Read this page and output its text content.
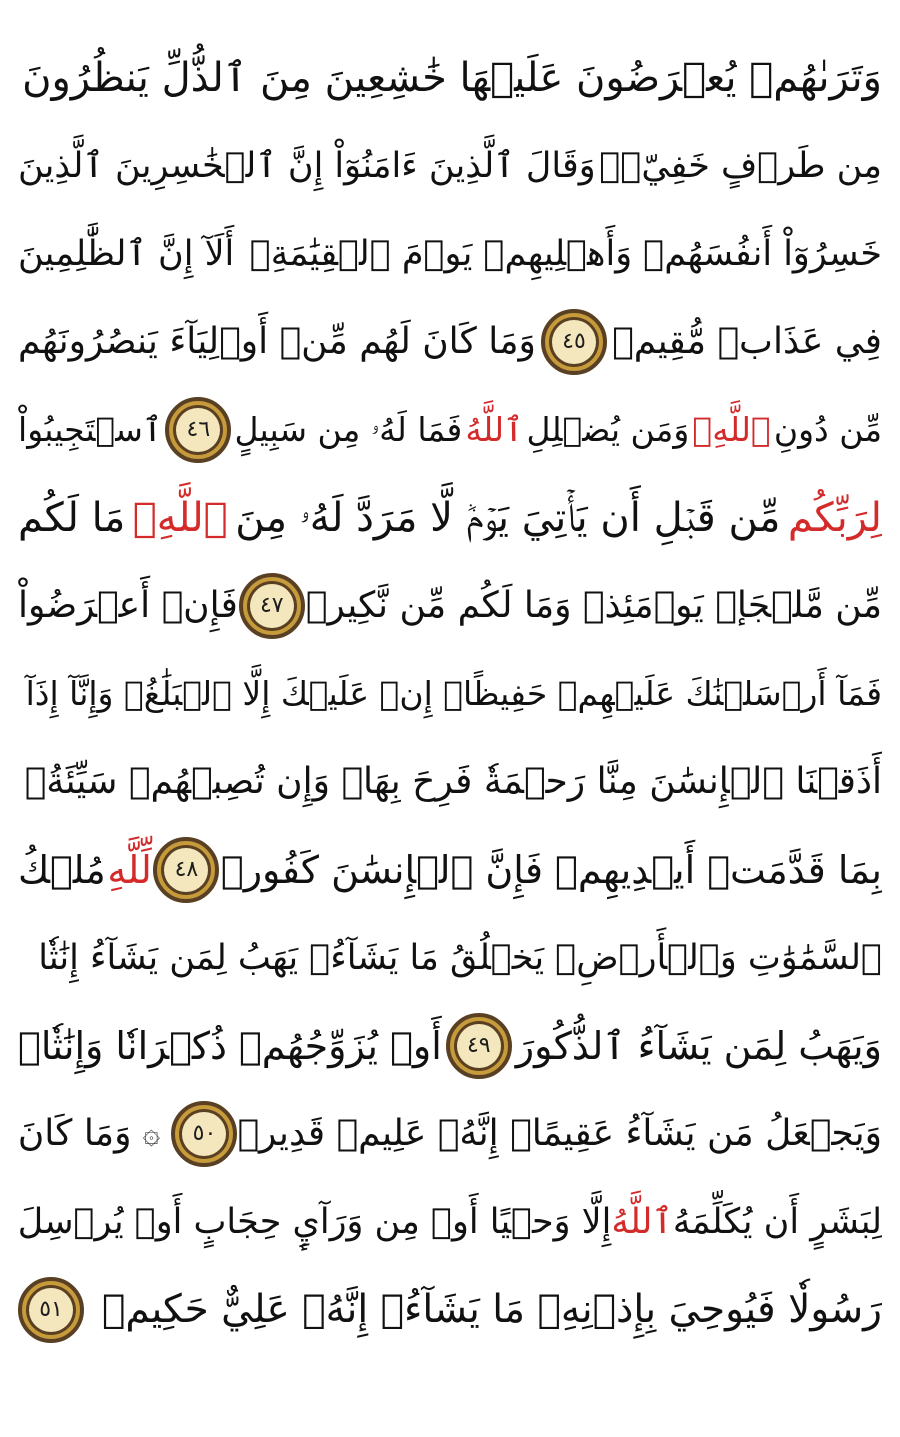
وَتَرَىٰهُمۡ يُعۡرَضُونَ عَلَيۡهَا خَٰشِعِينَ مِنَ ٱلذُّلِّ يَنظُرُونَ
مِن طَرۡفٍ خَفِيّٖۗ
وَقَالَ ٱلَّذِينَ ءَامَنُوٓاْ إِنَّ ٱلۡخَٰسِرِينَ ٱلَّذِينَ
خَسِرُوٓاْ أَنفُسَهُمۡ وَأَهۡلِيهِمۡ يَوۡمَ ٱلۡقِيَٰمَةِۗ
أَلَآ إِنَّ ٱلظَّٰلِمِينَ
فِي عَذَابٖ مُّقِيمٖ
٤٥
وَمَا كَانَ لَهُم مِّنۡ أَوۡلِيَآءَ يَنصُرُونَهُم
مِّن دُونِ
ٱللَّهِۗ
وَمَن يُضۡلِلِ
ٱللَّهُ
فَمَا لَهُۥ مِن سَبِيلٍ
٤٦
ٱسۡتَجِيبُواْ
لِرَبِّكُم
مِّن قَبۡلِ أَن يَأۡتِيَ يَوۡمٞ لَّا مَرَدَّ لَهُۥ مِنَ
ٱللَّهِۚ
مَا لَكُم
مِّن مَّلۡجَإٖ يَوۡمَئِذٖ وَمَا لَكُم مِّن نَّكِيرٖ
٤٧
فَإِنۡ أَعۡرَضُواْ
فَمَآ أَرۡسَلۡنَٰكَ عَلَيۡهِمۡ حَفِيظًاۖ إِنۡ عَلَيۡكَ إِلَّا ٱلۡبَلَٰغُۗ وَإِنَّآ إِذَآ
أَذَقۡنَا ٱلۡإِنسَٰنَ مِنَّا رَحۡمَةٗ فَرِحَ بِهَاۖ وَإِن تُصِبۡهُمۡ سَيِّئَةُۢ
بِمَا قَدَّمَتۡ أَيۡدِيهِمۡ فَإِنَّ ٱلۡإِنسَٰنَ كَفُورٞ
٤٨
لِّلَّهِ
مُلۡكُ
ٱلسَّمَٰوَٰتِ وَٱلۡأَرۡضِۚ يَخۡلُقُ مَا يَشَآءُۚ يَهَبُ لِمَن يَشَآءُ إِنَٰثٗا
وَيَهَبُ لِمَن يَشَآءُ ٱلذُّكُورَ
٤٩
أَوۡ يُزَوِّجُهُمۡ ذُكۡرَانٗا وَإِنَٰثٗاۖ
وَيَجۡعَلُ مَن يَشَآءُ عَقِيمًاۚ إِنَّهُۥ عَلِيمٞ قَدِيرٞ
٥٠
۞
وَمَا كَانَ
لِبَشَرٍ أَن يُكَلِّمَهُ
ٱللَّهُ
إِلَّا وَحۡيًا أَوۡ مِن وَرَآيِٕ حِجَابٍ أَوۡ يُرۡسِلَ
رَسُولٗا فَيُوحِيَ بِإِذۡنِهِۦ مَا يَشَآءُۚ إِنَّهُۥ عَلِيٌّ حَكِيمٞ
٥١
